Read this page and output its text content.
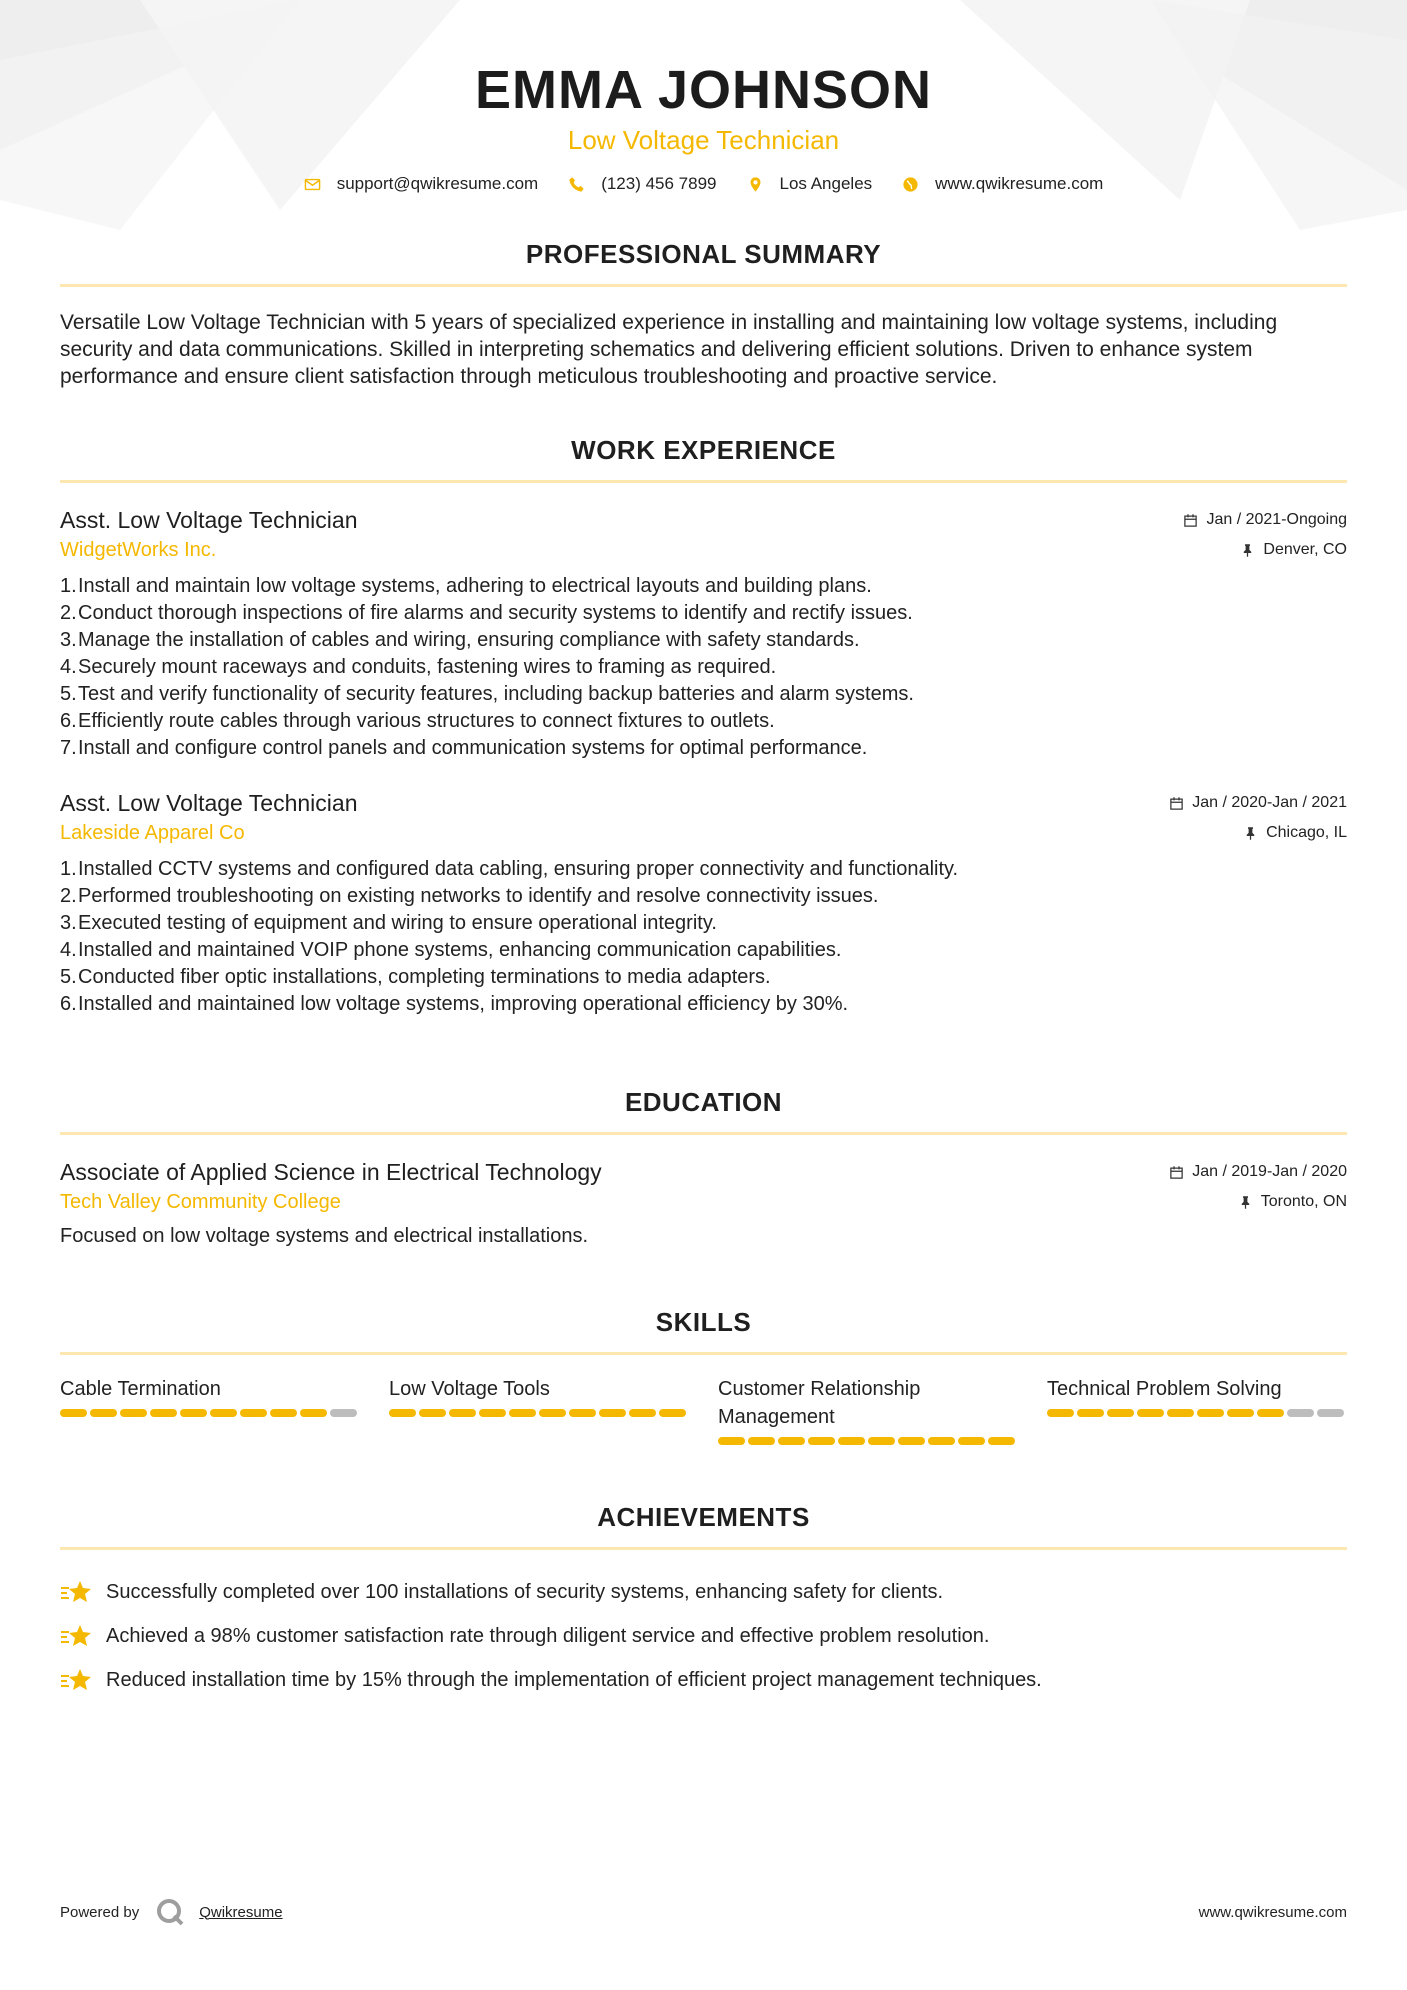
EMMA JOHNSON
Low Voltage Technician
support@qwikresume.com	(123) 456 7899	Los Angeles	www.qwikresume.com
PROFESSIONAL SUMMARY

Versatile Low Voltage Technician with 5 years of specialized experience in installing and maintaining low voltage systems, including security and data communications. Skilled in interpreting schematics and delivering efficient solutions. Driven to enhance system performance and ensure client satisfaction through meticulous troubleshooting and proactive service.

WORK EXPERIENCE
Asst. Low Voltage Technician	Jan / 2021-Ongoing
WidgetWorks Inc.	Denver, CO
1. Install and maintain low voltage systems, adhering to electrical layouts and building plans.
2. Conduct thorough inspections of fire alarms and security systems to identify and rectify issues.
3. Manage the installation of cables and wiring, ensuring compliance with safety standards.
4. Securely mount raceways and conduits, fastening wires to framing as required.
5. Test and verify functionality of security features, including backup batteries and alarm systems.
6. Efficiently route cables through various structures to connect fixtures to outlets.
7. Install and configure control panels and communication systems for optimal performance.
Asst. Low Voltage Technician	Jan / 2020-Jan / 2021
Lakeside Apparel Co	Chicago, IL
1. Installed CCTV systems and configured data cabling, ensuring proper connectivity and functionality.
2. Performed troubleshooting on existing networks to identify and resolve connectivity issues.
3. Executed testing of equipment and wiring to ensure operational integrity.
4. Installed and maintained VOIP phone systems, enhancing communication capabilities.
5. Conducted fiber optic installations, completing terminations to media adapters.
6. Installed and maintained low voltage systems, improving operational efficiency by 30%.
EDUCATION
Associate of Applied Science in Electrical Technology	Jan / 2019-Jan / 2020
Tech Valley Community College	Toronto, ON

Focused on low voltage systems and electrical installations.

SKILLS
Cable Termination	Low Voltage Tools	Customer Relationship Management
Technical Problem Solving
ACHIEVEMENTS
Successfully completed over 100 installations of security systems, enhancing safety for clients.
Achieved a 98% customer satisfaction rate through diligent service and effective problem resolution.
Reduced installation time by 15% through the implementation of efficient project management techniques.
Powered by	Qwikresume	www.qwikresume.com
